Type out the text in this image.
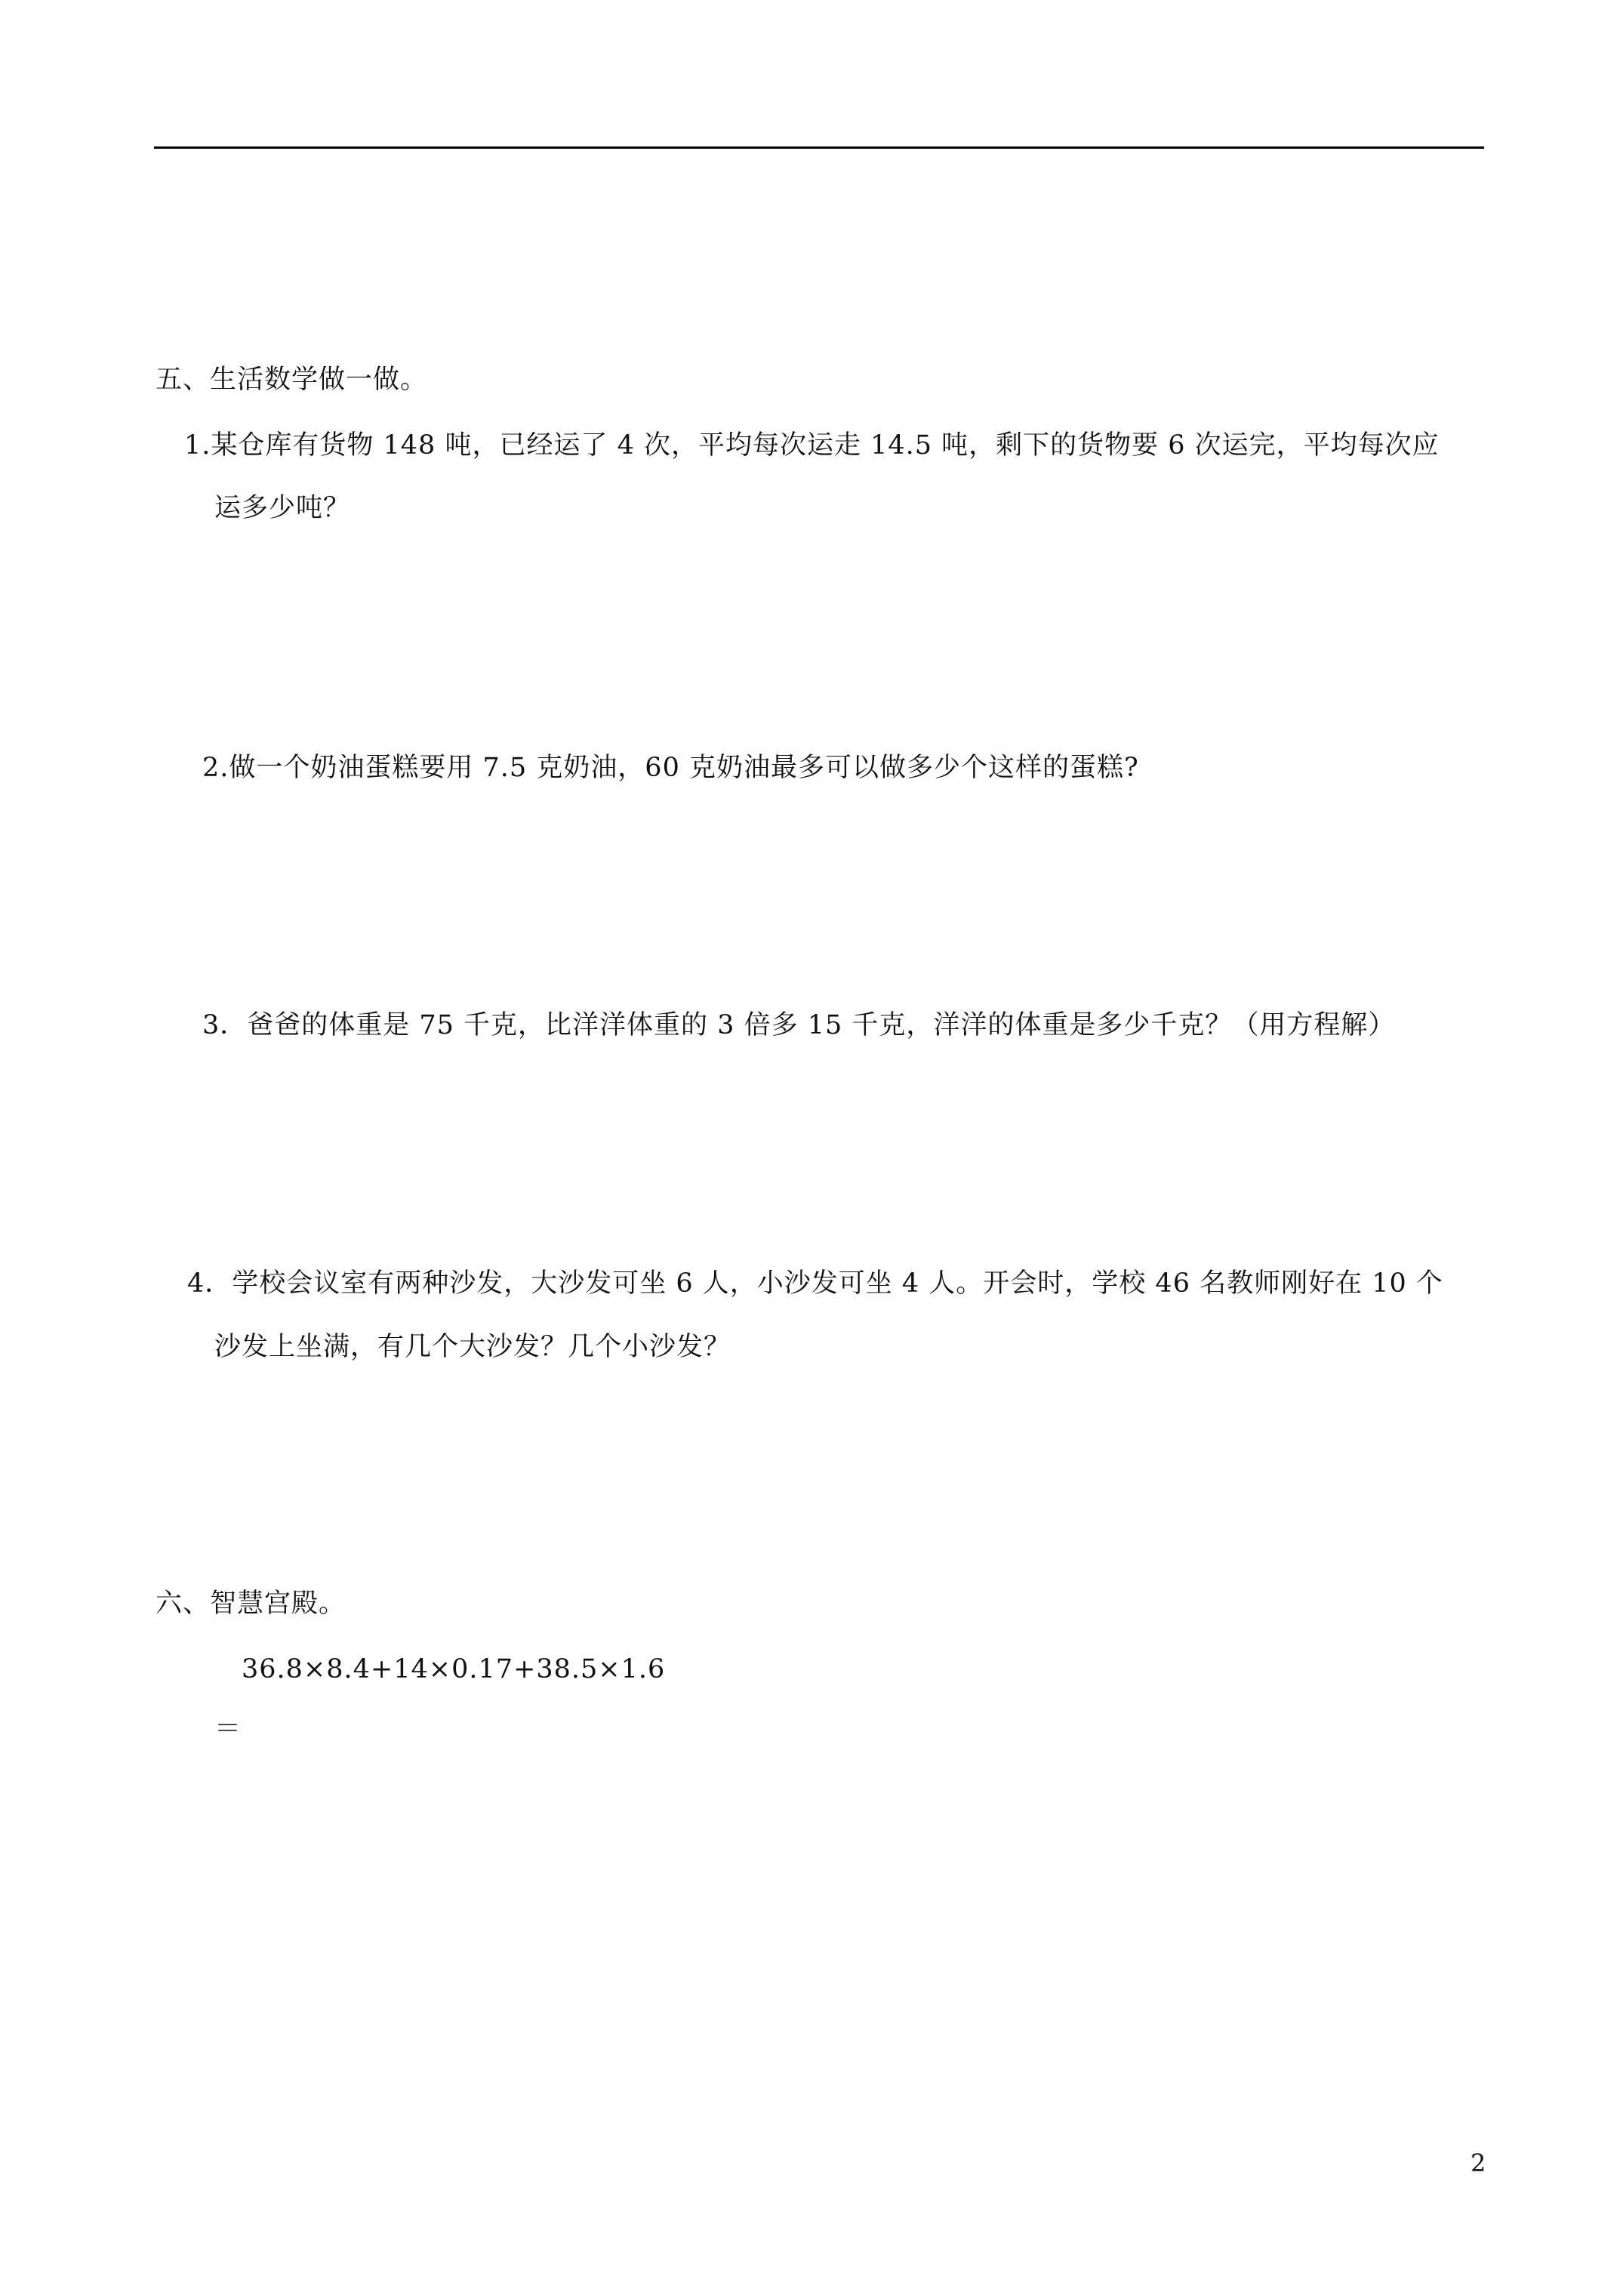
五、生活数学做一做。
1.某仓库有货物 148 吨，已经运了 4 次，平均每次运走 14.5 吨，剩下的货物要 6 次运完，平均每次应
运多少吨？
2.做一个奶油蛋糕要用 7.5 克奶油，60 克奶油最多可以做多少个这样的蛋糕?
3．爸爸的体重是 75 千克，比洋洋体重的 3 倍多 15 千克，洋洋的体重是多少千克？（用方程解）
4．学校会议室有两种沙发，大沙发可坐 6 人，小沙发可坐 4 人。开会时，学校 46 名教师刚好在 10 个
沙发上坐满，有几个大沙发？几个小沙发？
六、智慧宫殿。
36.8×8.4+14×0.17+38.5×1.6
＝
2
